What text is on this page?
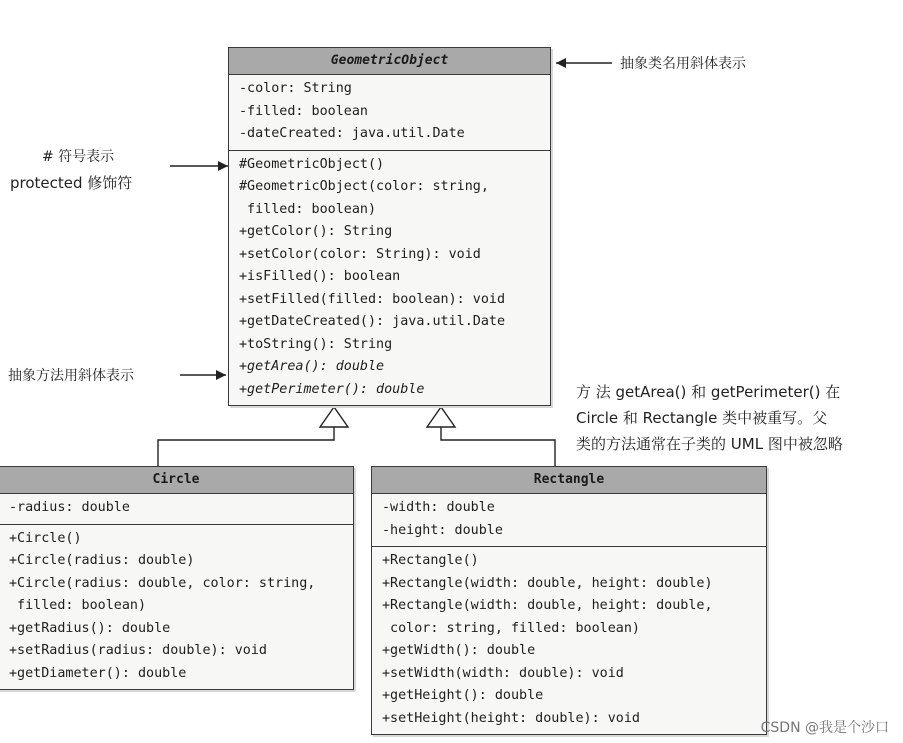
GeometricObject
-color: String
-filled: boolean
-dateCreated: java.util.Date
#GeometricObject()
#GeometricObject(color: string,
filled: boolean)
+getColor(): String
+setColor(color: String): void
+isFilled(): boolean
+setFilled(filled: boolean): void
+getDateCreated(): java.util.Date
+toString(): String
+getArea(): double
+getPerimeter(): double
Circle
-radius: double
+Circle()
+Circle(radius: double)
+Circle(radius: double, color: string,
filled: boolean)
+getRadius(): double
+setRadius(radius: double): void
+getDiameter(): double
Rectangle
-width: double
-height: double
+Rectangle()
+Rectangle(width: double, height: double)
+Rectangle(width: double, height: double,
color: string, filled: boolean)
+getWidth(): double
+setWidth(width: double): void
+getHeight(): double
+setHeight(height: double): void
抽象类名用斜体表示
# 符号表示
protected 修饰符
抽象方法用斜体表示
方 法 getArea() 和 getPerimeter() 在
Circle 和 Rectangle 类中被重写。父
类的方法通常在子类的 UML 图中被忽略
CSDN @我是个沙口
